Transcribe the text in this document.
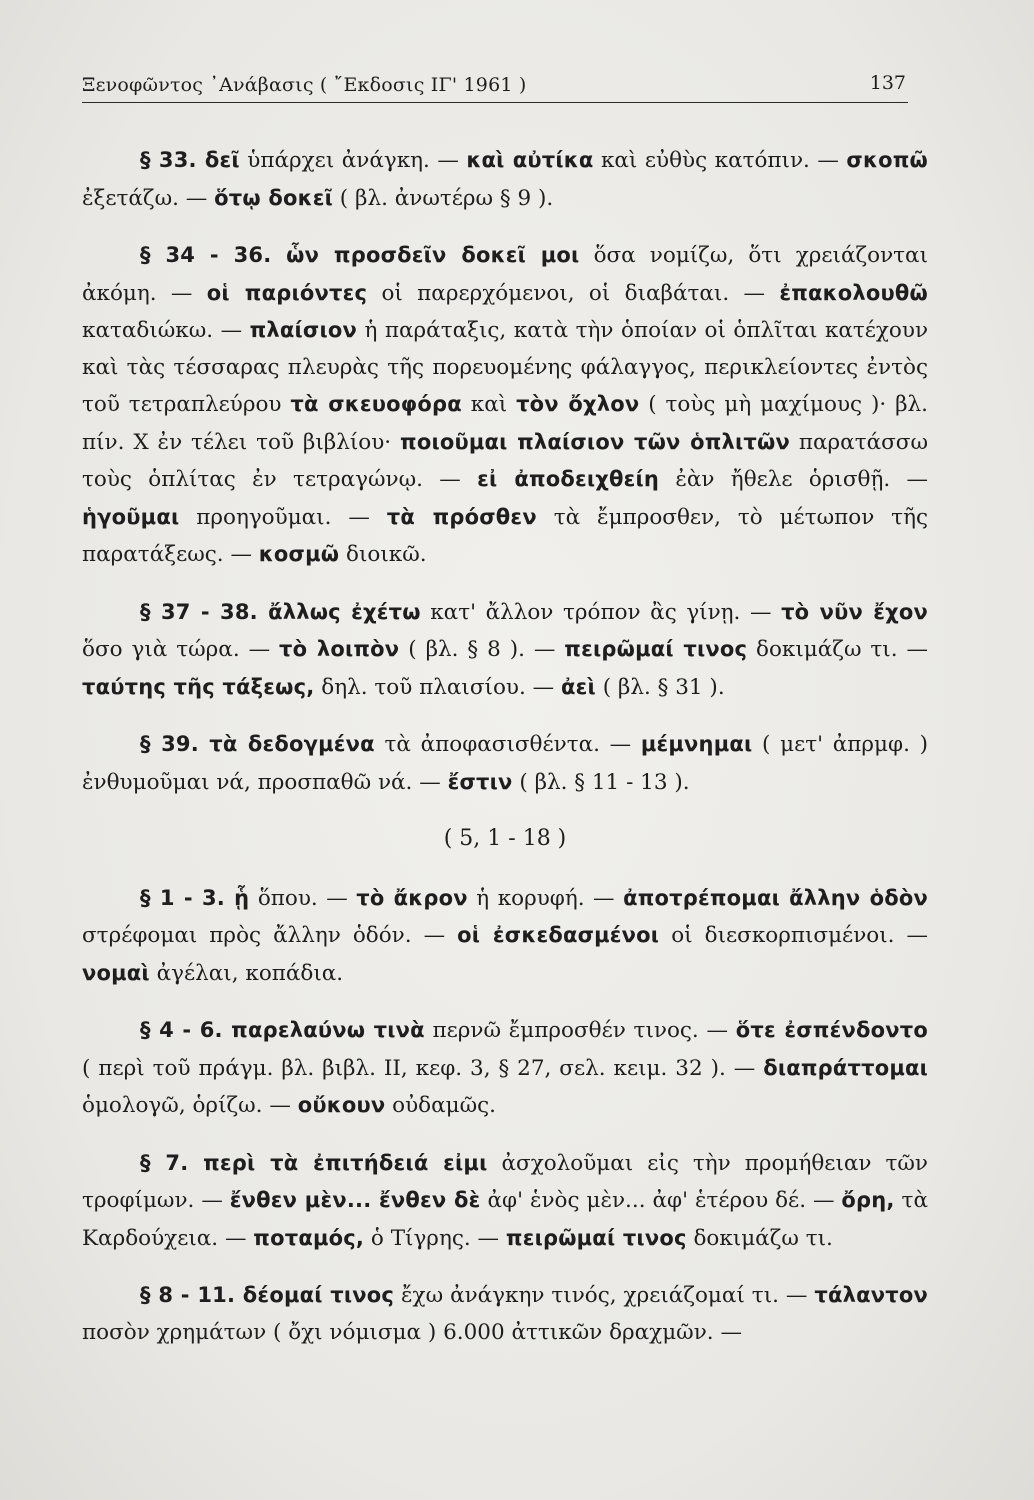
Ξενοφῶντος ᾿Ανάβασις ( ῎Εκδοσις ΙΓ' 1961 )	137

§ 33. δεῖ ὑπάρχει ἀνάγκη. — καὶ αὐτίκα καὶ εὐθὺς κατόπιν. — σκοπῶ ἐξετάζω. — ὅτῳ δοκεῖ ( βλ. ἀνωτέρω § 9 ).

§ 34 - 36. ὧν προσδεῖν δοκεῖ μοι ὅσα νομίζω, ὅτι χρειάζονται ἀκόμη. — οἱ παριόντες οἱ παρερχόμενοι, οἱ διαβάται. — ἐπακολουθῶ καταδιώκω. — πλαίσιον ἡ παράταξις, κατὰ τὴν ὁποίαν οἱ ὁπλῖται κατέχουν καὶ τὰς τέσσαρας πλευρὰς τῆς πορευομένης φάλαγγος, περικλείοντες ἐντὸς τοῦ τετραπλεύρου τὰ σκευοφόρα καὶ τὸν ὄχλον ( τοὺς μὴ μαχίμους )· βλ. πίν. Χ ἐν τέλει τοῦ βιβλίου· ποιοῦμαι πλαίσιον τῶν ὁπλιτῶν παρατάσσω τοὺς ὁπλίτας ἐν τετραγώνῳ. — εἰ ἀποδειχθείη ἐὰν ἤθελε ὁρισθῇ. — ἡγοῦμαι προηγοῦμαι. — τὰ πρόσθεν τὰ ἔμπροσθεν, τὸ μέτωπον τῆς παρατάξεως. — κοσμῶ διοικῶ.

§ 37 - 38. ἄλλως ἐχέτω κατ' ἄλλον τρόπον ἂς γίνῃ. — τὸ νῦν ἔχον ὅσο γιὰ τώρα. — τὸ λοιπὸν ( βλ. § 8 ). — πειρῶμαί τινος δοκιμάζω τι. — ταύτης τῆς τάξεως, δηλ. τοῦ πλαισίου. — ἀεὶ ( βλ. § 31 ).

§ 39. τὰ δεδογμένα τὰ ἀποφασισθέντα. — μέμνημαι ( μετ' ἀπρμφ. ) ἐνθυμοῦμαι νά, προσπαθῶ νά. — ἔστιν ( βλ. § 11 - 13 ).

( 5, 1 - 18 )

§ 1 - 3. ᾗ ὅπου. — τὸ ἄκρον ἡ κορυφή. — ἀποτρέπομαι ἄλλην ὁδὸν στρέφομαι πρὸς ἄλλην ὁδόν. — οἱ ἐσκεδασμένοι οἱ διεσκορπισμένοι. — νομαὶ ἀγέλαι, κοπάδια.

§ 4 - 6. παρελαύνω τινὰ περνῶ ἔμπροσθέν τινος. — ὅτε ἐσπένδοντο ( περὶ τοῦ πράγμ. βλ. βιβλ. ΙΙ, κεφ. 3, § 27, σελ. κειμ. 32 ). — διαπράττομαι ὁμολογῶ, ὁρίζω. — οὔκουν οὐδαμῶς.

§ 7. περὶ τὰ ἐπιτήδειά εἰμι ἀσχολοῦμαι εἰς τὴν προμήθειαν τῶν τροφίμων. — ἔνθεν μὲν... ἔνθεν δὲ ἀφ' ἑνὸς μὲν... ἀφ' ἑτέρου δέ. — ὄρη, τὰ Καρδούχεια. — ποταμός, ὁ Τίγρης. — πειρῶμαί τινος δοκιμάζω τι.

§ 8 - 11. δέομαί τινος ἔχω ἀνάγκην τινός, χρειάζομαί τι. — τάλαντον ποσὸν χρημάτων ( ὄχι νόμισμα ) 6.000 ἀττικῶν δραχμῶν. —
